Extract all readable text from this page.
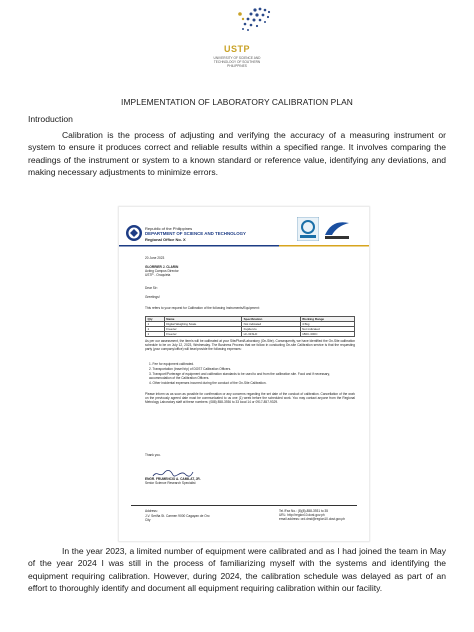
USTP
UNIVERSITY OF SCIENCE AND TECHNOLOGY OF SOUTHERN PHILIPPINES
IMPLEMENTATION OF LABORATORY CALIBRATION PLAN
Introduction

Calibration is the process of adjusting and verifying the accuracy of a measuring instrument or system to ensure it produces correct and reliable results within a specified range. It involves comparing the readings of the instrument or system to a known standard or reference value, identifying any deviations, and making necessary adjustments to minimize errors.

Republic of the Philippines
DEPARTMENT OF SCIENCE AND TECHNOLOGY
Regional Office No. X
20 June 2023
GLORRIER J. CLARIN
Acting Campus Director
USTP - Oroquieta
Dear Sir:
Greetings!
This refers to your request for Calibration of the following Instruments/Equipment:
Qty	Name	Specification	Working Range
1	Digital Weighing Scale	Not indicated	4.5kg
1	Freezer	Fujidenzo	Not indicated
1	Freezer	LF-31SLD	180C-300C
As per our assessment, the item/s will be calibrated at your Site/Plant/Laboratory (On-Site). Consequently, we have identified the On-Site calibration schedule to be on July 12, 2023, Wednesday. The Business Process that we follow in conducting On-site Calibration service is that the requesting party (your company/office) will bear/provide the following expenses:
1. Fee for equipment calibrated.
2. Transportation (travel trip) of DOST Calibration Officers.
3. Transport/Porterage of equipment and calibration standards to be used to and from the calibration site. Food and if necessary, accommodation of the Calibration Officers.
4. Other incidental expenses incurred during the conduct of the On-Site Calibration.
Please inform us as soon as possible for confirmation or any concerns regarding the set date of the conduct of calibration. Cancellation of the work on the previously agreed date must be communicated to us one (1) week before the scheduled work. You may contact anyone from the Regional Metrology Laboratory staff at these numbers: (088) 858-3936 to 33 local 14 or 0917-857-9329.
Thank you.
ENGR. FRUMENCIO A. CAMILAT, JR.
Senior Science Research Specialist
Address:
J.V. Seriña St. Carmen 9000 Cagayan de Oro City
Tel./Fax No.: (8)(8)-858-3931 to 35
URL: http://region10.dost.gov.ph
email address: ord.dmd@region10.dost.gov.ph

In the year 2023, a limited number of equipment were calibrated and as I had joined the team in May of the year 2024 I was still in the process of familiarizing myself with the systems and identifying the equipment requiring calibration. However, during 2024, the calibration schedule was delayed as part of an effort to thoroughly identify and document all equipment requiring calibration within our facility.
